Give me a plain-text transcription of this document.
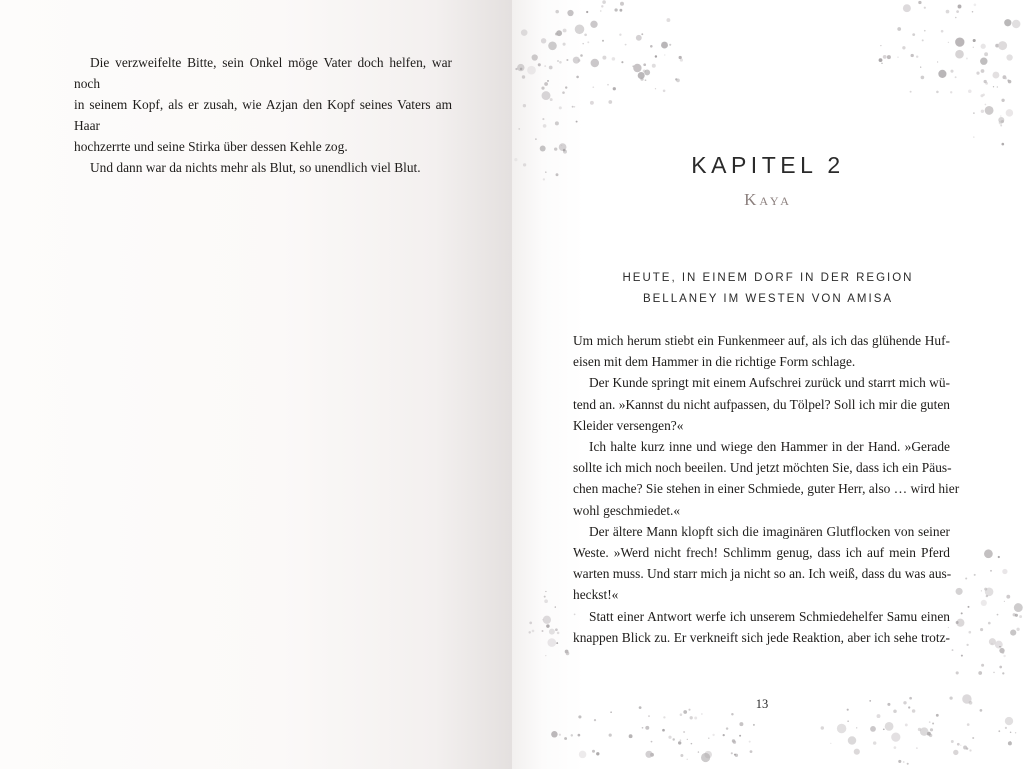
Die verzweifelte Bitte, sein Onkel möge Vater doch helfen, war noch
in seinem Kopf, als er zusah, wie Azjan den Kopf seines Vaters am Haar
hochzerrte und seine Stirka über dessen Kehle zog.

Und dann war da nichts mehr als Blut, so unendlich viel Blut.	KAPITEL 2
Kaya
HEUTE, IN EINEM DORF IN DER REGION
BELLANEY IM WESTEN VON AMISA
Um mich herum stiebt ein Funkenmeer auf, als ich das glühende Huf-
eisen mit dem Hammer in die richtige Form schlage.
Der Kunde springt mit einem Aufschrei zurück und starrt mich wü-
tend an. »Kannst du nicht aufpassen, du Tölpel? Soll ich mir die guten
Kleider versengen?«
Ich halte kurz inne und wiege den Hammer in der Hand. »Gerade
sollte ich mich noch beeilen. Und jetzt möchten Sie, dass ich ein Päus-
chen mache? Sie stehen in einer Schmiede, guter Herr, also … wird hier
wohl geschmiedet.«
Der ältere Mann klopft sich die imaginären Glutflocken von seiner
Weste. »Werd nicht frech! Schlimm genug, dass ich auf mein Pferd
warten muss. Und starr mich ja nicht so an. Ich weiß, dass du was aus-
heckst!«
Statt einer Antwort werfe ich unserem Schmiedehelfer Samu einen
knappen Blick zu. Er verkneift sich jede Reaktion, aber ich sehe trotz-
13
